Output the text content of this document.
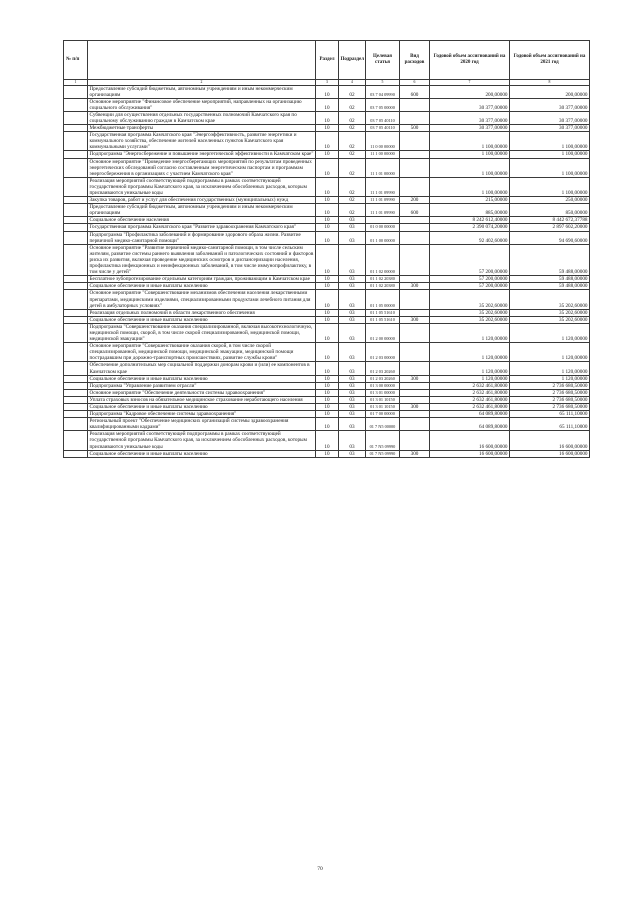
№ п/п		Раздел	Подраздел	Целевая статья	Вид расходов	Годовой объем ассигнований на 2020 год	Годовой объем ассигнований на 2021 год
1	2	3	4	5	6	7	8
	Предоставление субсидий бюджетным, автономным учреждениям и иным некоммерческим организациям	10	02	03 7 04 09990	600	200,00000	200,00000
	Основное мероприятие "Финансовое обеспечение мероприятий, направленных на организацию социального обслуживания"	10	02	03 7 05 00000		30 377,00000	30 377,00000
	Субвенции для осуществления отдельных государственных полномочий Камчатского края по социальному обслуживанию граждан в Камчатском крае	10	02	03 7 05 40110		30 377,00000	30 377,00000
	Межбюджетные трансферты	10	02	03 7 05 40110	500	30 377,00000	30 377,00000
	Государственная программа Камчатского края "Энергоэффективность, развитие энергетики и коммунального хозяйства, обеспечение жителей населенных пунктов Камчатского края коммунальными услугами"	10	02	11 0 00 00000		1 100,00000	1 100,00000
	Подпрограмма "Энергосбережение и повышение энергетической эффективности в Камчатском крае"	10	02	11 1 00 00000		1 100,00000	1 100,00000
	Основное мероприятие "Проведение энергосберегающих мероприятий по результатам проведенных энергетических обследований согласно составленным энергетическим паспортам и программам энергосбережения в организациях с участием Камчатского края"	10	02	11 1 01 00000		1 100,00000	1 100,00000
	Реализация мероприятий соответствующей подпрограммы в рамках соответствующей государственной программы Камчатского края, за исключением обособленных расходов, которым присваиваются уникальные коды	10	02	11 1 01 09990		1 100,00000	1 100,00000
	Закупка товаров, работ и услуг для обеспечения государственных (муниципальных) нужд	10	02	11 1 01 09990	200	215,00000	250,00000
	Предоставление субсидий бюджетным, автономным учреждениям и иным некоммерческим организациям	10	02	11 1 01 09990	600	885,00000	850,00000
	Социальное обеспечение населения	10	03			8 242 612,40000	8 442 672,37788
	Государственная программа Камчатского края "Развитие здравоохранения Камчатского края"	10	03	01 0 00 00000		2 390 074,20000	2 897 602,20000
	Подпрограмма "Профилактика заболеваний и формирование здорового образа жизни. Развитие первичной медико-санитарной помощи"	10	03	01 1 00 00000		92 402,60000	94 690,60000
	Основное мероприятие "Развитие первичной медико-санитарной помощи, в том числе сельским жителям, развитие системы раннего выявления заболеваний и патологических состояний и факторов риска их развития, включая проведение медицинских осмотров и диспансеризации населения, профилактика инфекционных и неинфекционных заболеваний, в том числе иммунопрофилактику, в том числе у детей"	10	03	01 1 02 00000		57 200,00000	59 488,00000
	Бесплатное зубопротезирование отдельным категориям граждан, проживающим в Камчатском крае	10	03	01 1 02 20380		57 200,00000	59 488,00000
	Социальное обеспечение и иные выплаты населению	10	03	01 1 02 20380	300	57 200,00000	59 488,00000
	Основное мероприятие "Совершенствование механизмов обеспечения населения лекарственными препаратами, медицинскими изделиями, специализированными продуктами лечебного питания для детей в амбулаторных условиях"	10	03	01 1 05 00000		35 202,60000	35 202,60000
	Реализация отдельных полномочий в области лекарственного обеспечения	10	03	01 1 05 51610		35 202,60000	35 202,60000
	Социальное обеспечение и иные выплаты населению	10	03	01 1 05 51610	300	35 202,60000	35 202,60000
	Подпрограмма "Совершенствование оказания специализированной, включая высокотехнологичную, медицинской помощи, скорой, в том числе скорой специализированной, медицинской помощи, медицинской эвакуации"	10	03	01 2 00 00000		1 120,00000	1 120,00000
	Основное мероприятие "Совершенствование оказания скорой, в том числе скорой специализированной, медицинской помощи, медицинской эвакуации, медицинской помощи пострадавшим при дорожно-транспортных происшествиях, развитие службы крови"	10	03	01 2 03 00000		1 120,00000	1 120,00000
	Обеспечение дополнительных мер социальной поддержки донорам крови и (или) ее компонентов в Камчатском крае	10	03	01 2 03 20260		1 120,00000	1 120,00000
	Социальное обеспечение и иные выплаты населению	10	03	01 2 03 20260	300	1 120,00000	1 120,00000
	Подпрограмма "Управление развитием отрасли"	10	03	01 3 00 00000		2 632 461,80000	2 736 680,50000
	Основное мероприятие "Обеспечение деятельности системы здравоохранения"	10	03	01 3 01 00000		2 632 461,80000	2 736 680,50000
	Уплата страховых взносов на обязательное медицинское страхование неработающего населения	10	03	01 3 01 10150		2 632 461,80000	2 736 680,50000
	Социальное обеспечение и иные выплаты населению	10	03	01 3 01 10150	300	2 632 461,80000	2 736 680,50000
	Подпрограмма "Кадровое обеспечение системы здравоохранения"	10	03	01 7 00 00000		64 089,80000	65 111,10000
	Региональный проект "Обеспечение медицинских организаций системы здравоохранения квалифицированными кадрами"	10	03	01 7 N5 00000		64 089,80000	65 111,10000
	Реализация мероприятий соответствующей подпрограммы в рамках соответствующей государственной программы Камчатского края, за исключением обособленных расходов, которым присваиваются уникальные коды	10	03	01 7 N5 09990		16 600,00000	16 600,00000
	Социальное обеспечение и иные выплаты населению	10	03	01 7 N5 09990	300	16 600,00000	16 600,00000
70
